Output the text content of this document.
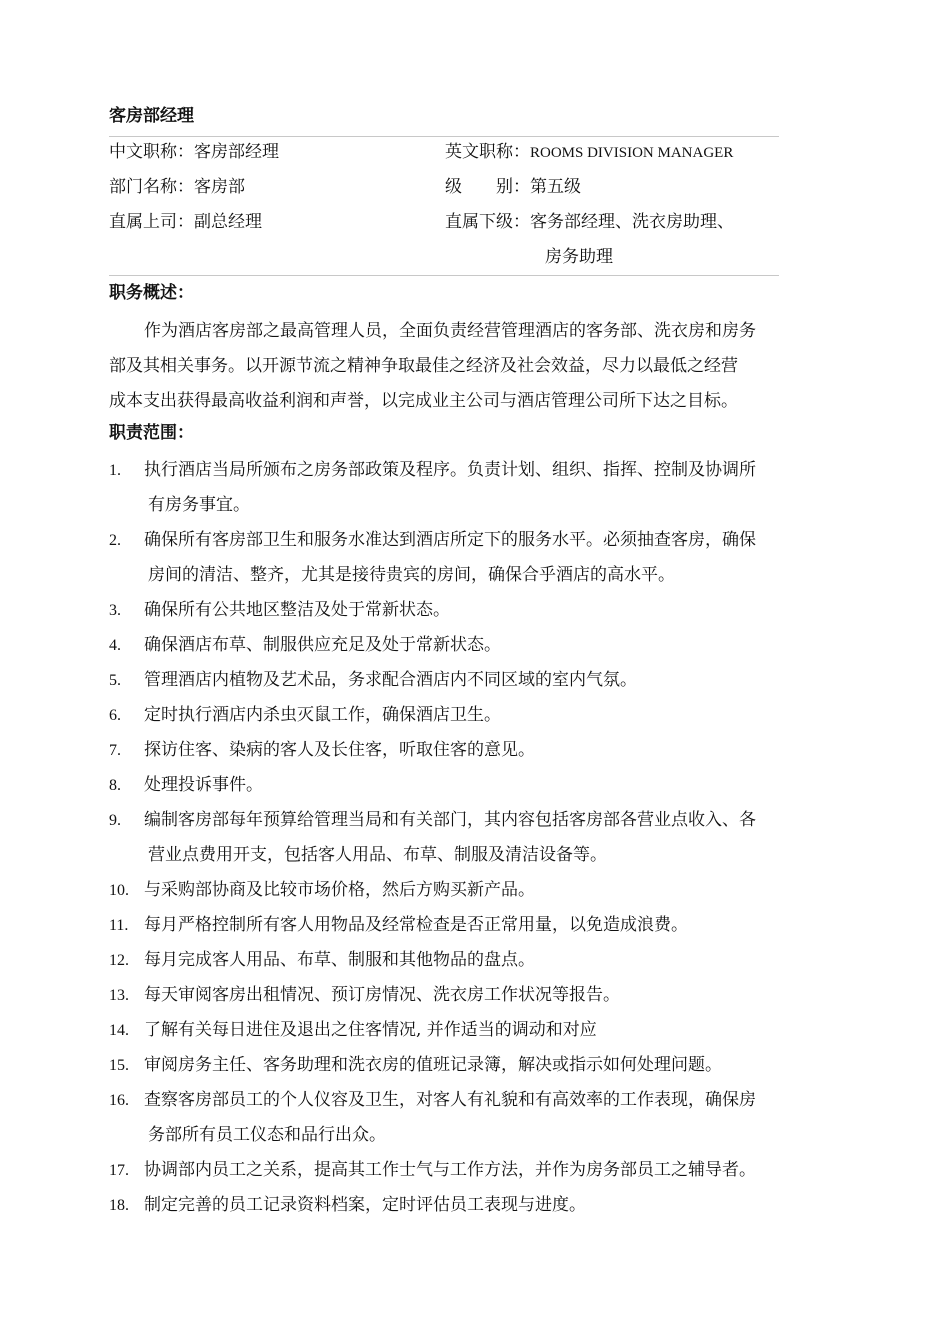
客房部经理
中文职称：客房部经理	英文职称：ROOMS DIVISION MANAGER
部门名称：客房部	级　　别：第五级
直属上司：副总经理	直属下级：客务部经理、洗衣房助理、
房务助理
职务概述：
作为酒店客房部之最高管理人员，全面负责经营管理酒店的客务部、洗衣房和房务
部及其相关事务。以开源节流之精神争取最佳之经济及社会效益，尽力以最低之经营
成本支出获得最高收益利润和声誉，以完成业主公司与酒店管理公司所下达之目标。
职责范围：
1. 执行酒店当局所颁布之房务部政策及程序。负责计划、组织、指挥、控制及协调所
有房务事宜。
2. 确保所有客房部卫生和服务水准达到酒店所定下的服务水平。必须抽查客房，确保
房间的清洁、整齐，尤其是接待贵宾的房间，确保合乎酒店的高水平。
3. 确保所有公共地区整洁及处于常新状态。
4. 确保酒店布草、制服供应充足及处于常新状态。
5. 管理酒店内植物及艺术品，务求配合酒店内不同区域的室内气氛。
6. 定时执行酒店内杀虫灭鼠工作，确保酒店卫生。
7. 探访住客、染病的客人及长住客，听取住客的意见。
8. 处理投诉事件。
9. 编制客房部每年预算给管理当局和有关部门，其内容包括客房部各营业点收入、各
营业点费用开支，包括客人用品、布草、制服及清洁设备等。
10. 与采购部协商及比较市场价格，然后方购买新产品。
11. 每月严格控制所有客人用物品及经常检查是否正常用量，以免造成浪费。
12. 每月完成客人用品、布草、制服和其他物品的盘点。
13. 每天审阅客房出租情况、预订房情况、洗衣房工作状况等报告。
14. 了解有关每日进住及退出之住客情况, 并作适当的调动和对应
15. 审阅房务主任、客务助理和洗衣房的值班记录簿，解决或指示如何处理问题。
16. 查察客房部员工的个人仪容及卫生，对客人有礼貌和有高效率的工作表现，确保房
务部所有员工仪态和品行出众。
17. 协调部内员工之关系，提高其工作士气与工作方法，并作为房务部员工之辅导者。
18. 制定完善的员工记录资料档案，定时评估员工表现与进度。
